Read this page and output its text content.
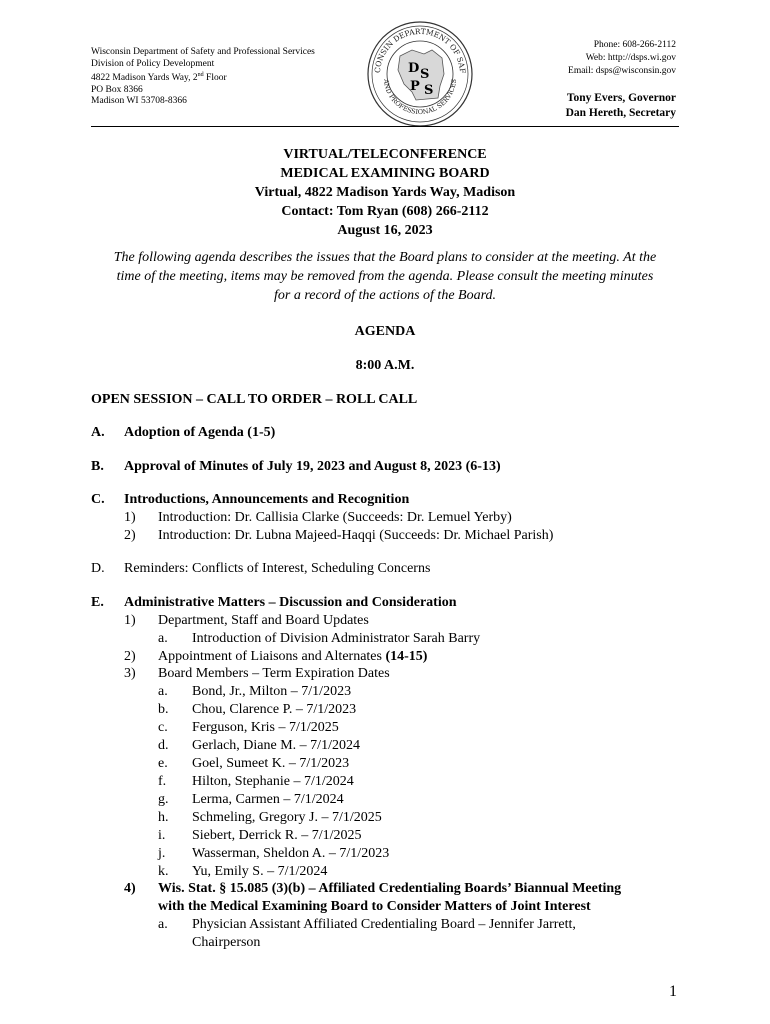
Wisconsin Department of Safety and Professional Services
Division of Policy Development
4822 Madison Yards Way, 2nd Floor
PO Box 8366
Madison WI 53708-8366
CONSIN DEPARTMENT OF SAF
AND PROFESSIONAL SERVICES
D S
P S
Phone: 608-266-2112
Web: http://dsps.wi.gov
Email: dsps@wisconsin.gov
Tony Evers, Governor
Dan Hereth, Secretary
VIRTUAL/TELECONFERENCE
MEDICAL EXAMINING BOARD
Virtual, 4822 Madison Yards Way, Madison
Contact: Tom Ryan (608) 266-2112
August 16, 2023
The following agenda describes the issues that the Board plans to consider at the meeting. At the
time of the meeting, items may be removed from the agenda. Please consult the meeting minutes
for a record of the actions of the Board.
AGENDA
8:00 A.M.
OPEN SESSION – CALL TO ORDER – ROLL CALL
A. Adoption of Agenda (1-5)
B. Approval of Minutes of July 19, 2023 and August 8, 2023 (6-13)
C. Introductions, Announcements and Recognition
1) Introduction: Dr. Callisia Clarke (Succeeds: Dr. Lemuel Yerby)
2) Introduction: Dr. Lubna Majeed-Haqqi (Succeeds: Dr. Michael Parish)
D. Reminders: Conflicts of Interest, Scheduling Concerns
E. Administrative Matters – Discussion and Consideration
1) Department, Staff and Board Updates
a. Introduction of Division Administrator Sarah Barry
2) Appointment of Liaisons and Alternates (14-15)
3) Board Members – Term Expiration Dates
a. Bond, Jr., Milton – 7/1/2023
b. Chou, Clarence P. – 7/1/2023
c. Ferguson, Kris – 7/1/2025
d. Gerlach, Diane M. – 7/1/2024
e. Goel, Sumeet K. – 7/1/2023
f. Hilton, Stephanie – 7/1/2024
g. Lerma, Carmen – 7/1/2024
h. Schmeling, Gregory J. – 7/1/2025
i. Siebert, Derrick R. – 7/1/2025
j. Wasserman, Sheldon A. – 7/1/2023
k. Yu, Emily S. – 7/1/2024
4) Wis. Stat. § 15.085 (3)(b) – Affiliated Credentialing Boards’ Biannual Meeting
with the Medical Examining Board to Consider Matters of Joint Interest
a. Physician Assistant Affiliated Credentialing Board – Jennifer Jarrett,
Chairperson
1
